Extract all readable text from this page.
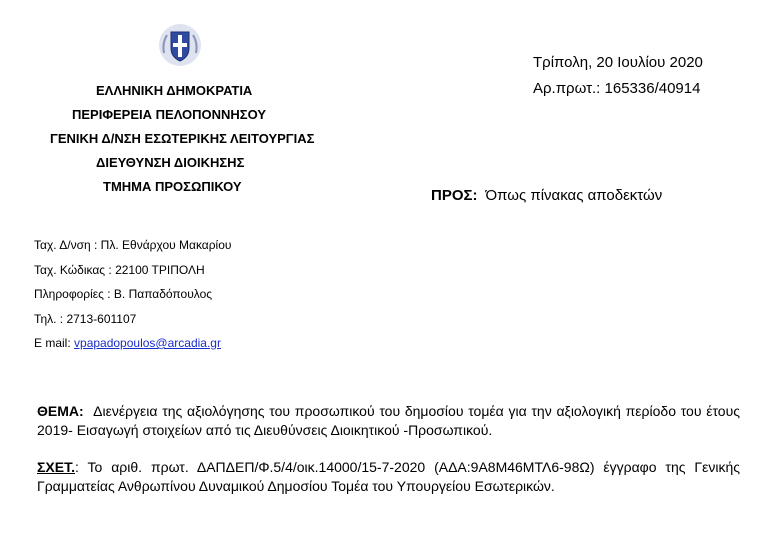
ΕΛΛΗΝΙΚΗ ΔΗΜΟΚΡΑΤΙΑ
ΠΕΡΙΦΕΡΕΙΑ ΠΕΛΟΠΟΝΝΗΣΟΥ
ΓΕΝΙΚΗ Δ/ΝΣΗ ΕΣΩΤΕΡΙΚΗΣ ΛΕΙΤΟΥΡΓΙΑΣ
ΔΙΕΥΘΥΝΣΗ ΔΙΟΙΚΗΣΗΣ
ΤΜΗΜΑ ΠΡΟΣΩΠΙΚΟΥ
Τρίπολη, 20 Ιουλίου 2020
Αρ.πρωτ.: 165336/40914
ΠΡΟΣ: Όπως πίνακας αποδεκτών
Ταχ. Δ/νση : Πλ. Εθνάρχου Μακαρίου
Ταχ. Κώδικας : 22100 ΤΡΙΠΟΛΗ
Πληροφορίες : Β. Παπαδόπουλος
Τηλ. : 2713-601107
E mail: vpapadopoulos@arcadia.gr
ΘΕΜΑ: Διενέργεια της αξιολόγησης του προσωπικού του δημοσίου τομέα για την αξιολογική περίοδο του έτους 2019- Εισαγωγή στοιχείων από τις Διευθύνσεις Διοικητικού -Προσωπικού.
ΣΧΕΤ.: Το αριθ. πρωτ. ΔΑΠΔΕΠ/Φ.5/4/οικ.14000/15-7-2020 (ΑΔΑ:9Α8Μ46ΜΤΛ6-98Ω) έγγραφο της Γενικής Γραμματείας Ανθρωπίνου Δυναμικού Δημοσίου Τομέα του Υπουργείου Εσωτερικών.
